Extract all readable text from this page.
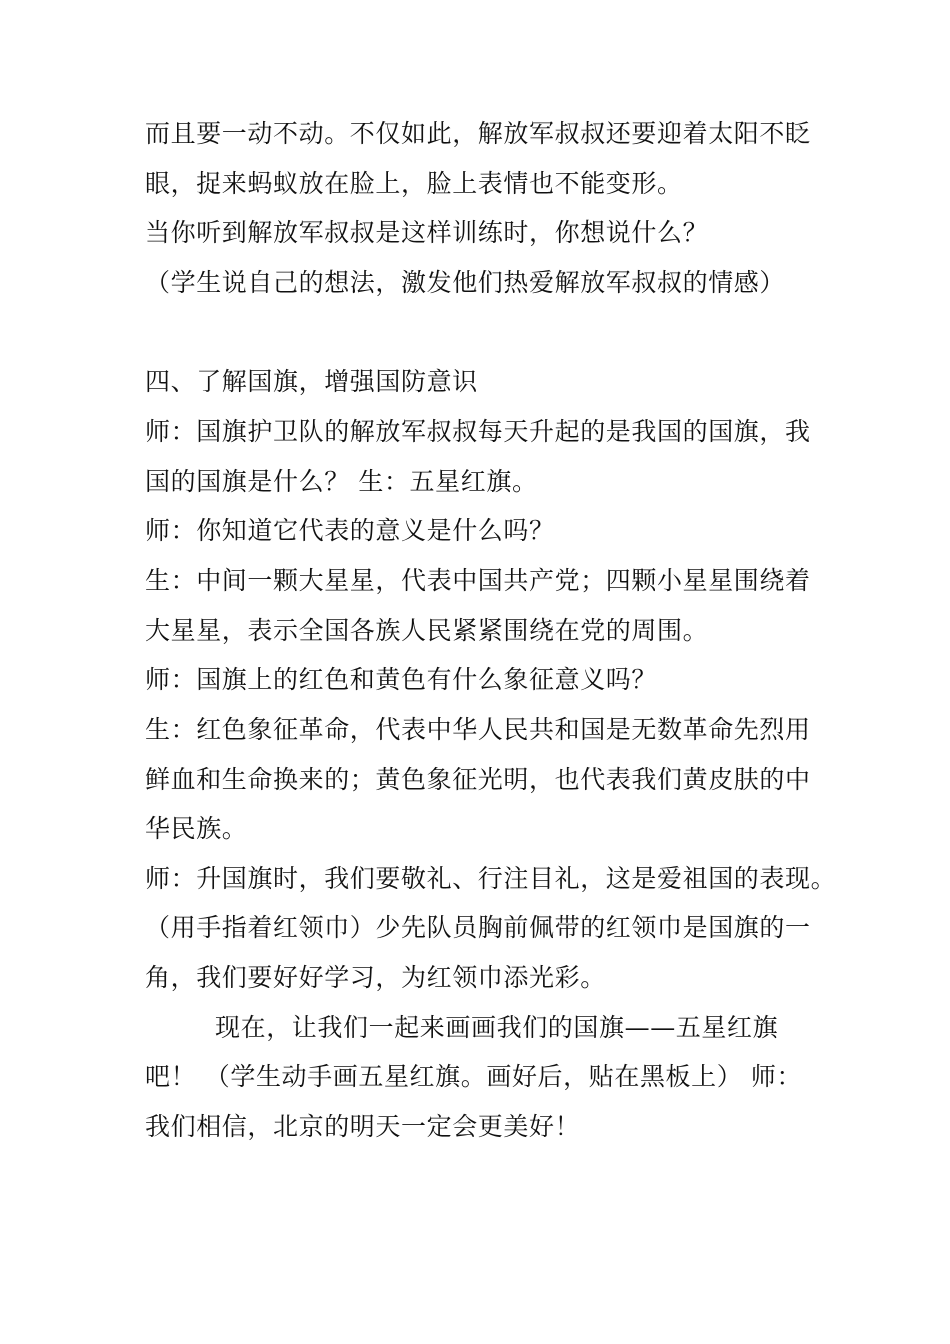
而且要一动不动。不仅如此，解放军叔叔还要迎着太阳不眨
眼，捉来蚂蚁放在脸上，脸上表情也不能变形。
当你听到解放军叔叔是这样训练时，你想说什么？
（学生说自己的想法，激发他们热爱解放军叔叔的情感）
四、了解国旗，增强国防意识
师：国旗护卫队的解放军叔叔每天升起的是我国的国旗，我
国的国旗是什么？ 生：五星红旗。
师：你知道它代表的意义是什么吗？
生：中间一颗大星星，代表中国共产党；四颗小星星围绕着
大星星，表示全国各族人民紧紧围绕在党的周围。
师：国旗上的红色和黄色有什么象征意义吗？
生：红色象征革命，代表中华人民共和国是无数革命先烈用
鲜血和生命换来的；黄色象征光明，也代表我们黄皮肤的中
华民族。
师：升国旗时，我们要敬礼、行注目礼，这是爱祖国的表现。
（用手指着红领巾）少先队员胸前佩带的红领巾是国旗的一
角，我们要好好学习，为红领巾添光彩。
现在，让我们一起来画画我们的国旗——五星红旗
吧！ （学生动手画五星红旗。画好后，贴在黑板上） 师：
我们相信，北京的明天一定会更美好！
